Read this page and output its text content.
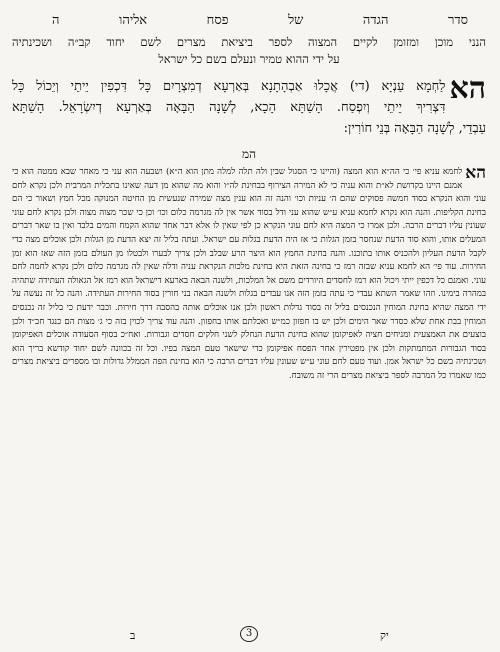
סדר
הגדה
של
פסח
אליהו
ה
הנני מוכן ומזומן לקיים המצוה לספר ביציאת מצרים לשם יחוד קב״ה ושכינתיה
על ידי ההוא טמיר ונעלם בשם כל ישראל
הא
לַחְמָא עַנְיָא (די) אֲכָלוּ אַבְהָתָנָא בְּאַרְעָא דְמִצְרָיִם כָּל דִּכְפִין יֵיתֵי וְיֵכוֹל כָּל
דִּצְרִיךְ יֵיתֵי וְיִפְסַח. הָשַׁתָּא הָכָא, לְשָׁנָה הַבָּאָה בְּאַרְעָא דְיִשְׂרָאֵל. הָשַׁתָּא
עַבְדֵי, לְשָׁנָה הַבָּאָה בְּנֵי חוֹרִין:
המ
הא
לחמא עניא פי׳ כי הה״א הוא המצה (והיינו כי הסגול שבין ולה תלה למלה מתן הוא ה״א) ושבעה הוא עני כי מאחר שבא ממטה הוא כי אמנם היינו בקדושת לא״ת והוא עניה כי לא המירה הצירוף בבחינת לה״ו והוא מה שהוא מן דעה שאינו בתכלית המרבית ולכן נקרא לחם עוני והוא הנקרא בסוד חמשה פסוקים שהם ה׳ עניות וכו׳ והנה זה הוא ענין מצה שמירה שנעשית מן החיטה המנוקה מכל חמץ ושאור כי הם בחינת הקליפות. והנה הוא נקרא לחמא עניא ע״ש שהוא עני ודל בסוד אשר אין לה מגרמה כלום וכו׳ וכן כי שכר מצוה מצוה ולכן נקרא לחם עוני שעונין עליו דברים הרבה. ולכן אמרו כי המצה היא לחם עוני הנקרא כן לפי שאין לו אלא דבר אחד שהוא הקמח והמים בלבד ואין בו שאר דברים המעלים אותו, והוא סוד הדעת שנחסר בזמן הגלות כי אז היה הדעת בגלות עם ישראל. ועתה בליל זה יצא הדעת מן הגלות ולכן אוכלים מצה כדי לקבל הדעת העליון ולהכניס אותו בתוכנו. והנה בחינת החמץ הוא היצר הרע שבלב ולכן צריך לבערו ולבטלו מן העולם בזמן הזה שאז הוא זמן החירות. עוד פי׳ הא לחמא עניא שבזה רמז כי בחינה הזאת היא בחינת מלכות הנקראת עניה ודלה שאין לה מגרמה כלום ולכן נקרא לחמה לחם עוני. ואמנם כל דכפין ייתי ויכול הוא רמז לחסדים היורדים משם אל המלכות, ולשנה הבאה בארעא דישראל הוא רמז אל הגאולה העתידה שתהיה במהרה בימינו. וזהו שאמר השתא עבדי כי עתה בזמן הזה אנו עבדים בגלות ולשנה הבאה בני חורין בסוד החירות העתידה. והנה כל זה נעשה על ידי המצה שהיא בחינת המוחין הנכנסים בליל זה בסוד גדלות ראשון ולכן אנו אוכלים אותה בהסבה דרך חירות. וכבר ידעת כי בליל זה נכנסים המוחין בבת אחת שלא כסדר שאר הימים ולכן יש בו חפזון כמ״ש ואכלתם אותו בחפזון. והנה עוד צריך לכוין בזה כי ג׳ מצות הם כנגד חב״ד ולכן בוצעים את האמצעית ומניחים חציה לאפיקומן שהוא בחינת הדעת הנחלק לשני חלקים חסדים וגבורות. ואח״כ בסוף הסעודה אוכלים האפיקומן בסוד הגבורות המתמתקות ולכן אין מפטירין אחר הפסח אפיקומן כדי שישאר טעם המצה בפיו. וכל זה בכוונה לשם יחוד קודשא בריך הוא ושכינתיה בשם כל ישראל אמן. ועוד טעם לחם עוני ע״ש שעונין עליו דברים הרבה כי הוא בחינת הפה הממלל גדולות ובו מספרים ביציאת מצרים כמו שאמרו כל המרבה לספר ביציאת מצרים הרי זה משובח.
ב	3	יק
